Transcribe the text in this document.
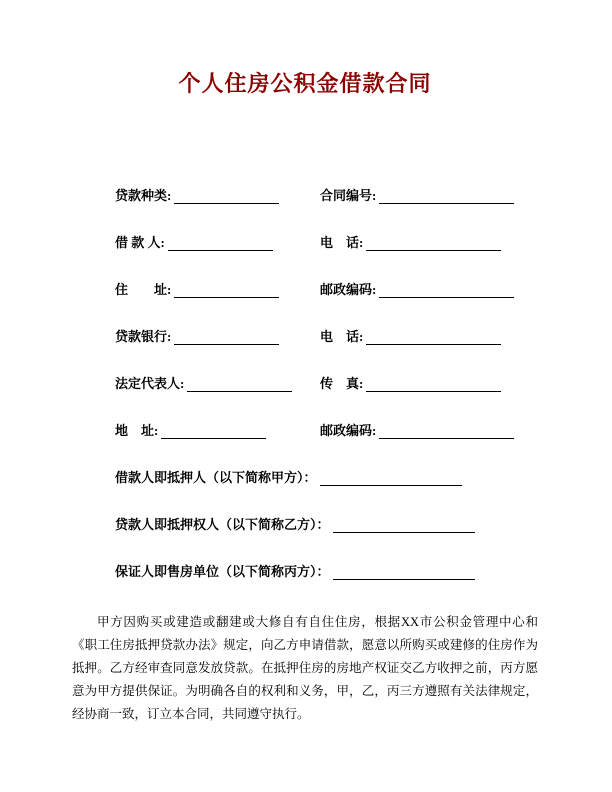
个人住房公积金借款合同
贷款种类:	合同编号:
借 款 人:	电　话:
住　　址:	邮政编码:
贷款银行:	电　话:
法定代表人:	传　真:
地　址:	邮政编码:
借款人即抵押人（以下简称甲方）：
贷款人即抵押权人（以下简称乙方）：
保证人即售房单位（以下简称丙方）：

甲方因购买或建造或翻建或大修自有自住住房，根据XX市公积金管理中心和《职工住房抵押贷款办法》规定，向乙方申请借款，愿意以所购买或建修的住房作为抵押。乙方经审查同意发放贷款。在抵押住房的房地产权证交乙方收押之前，丙方愿意为甲方提供保证。为明确各自的权利和义务，甲，乙，丙三方遵照有关法律规定，经协商一致，订立本合同，共同遵守执行。
